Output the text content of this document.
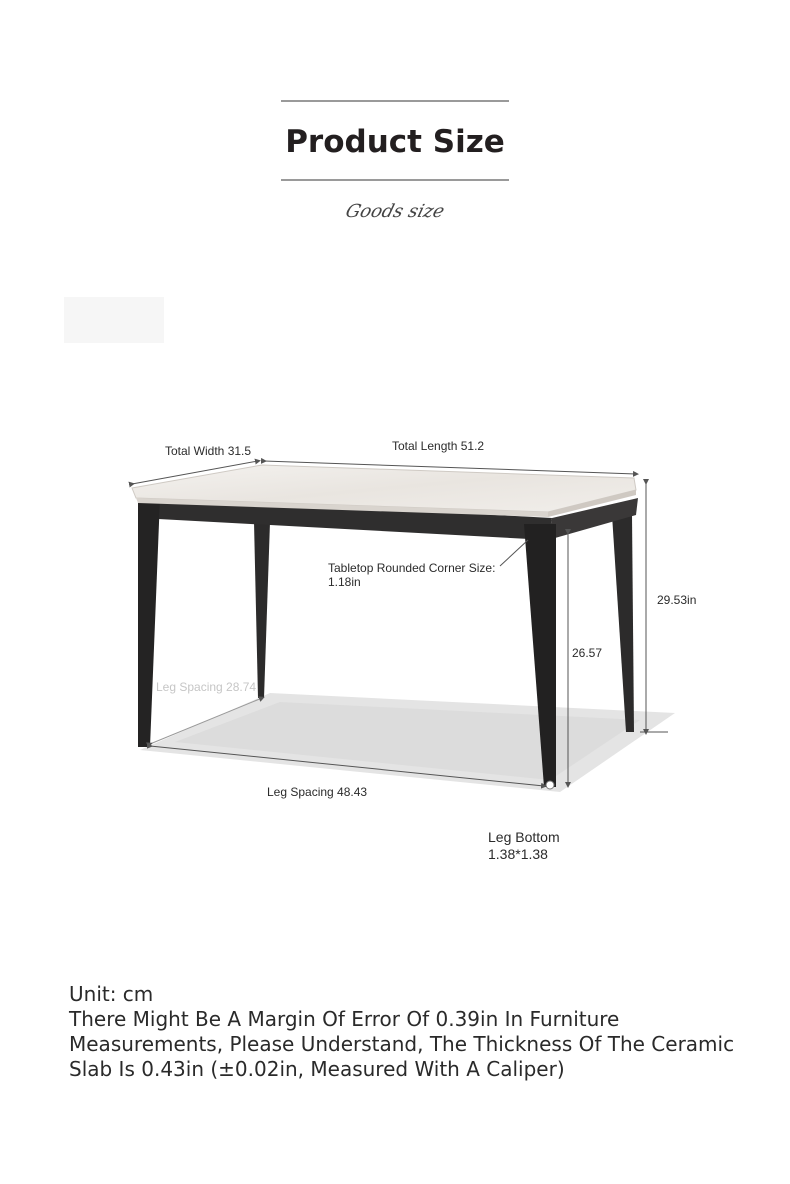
Product Size
Goods size
Total Width 31.5	Total Length 51.2
Tabletop Rounded Corner Size:
1.18in
29.53in
26.57
Leg Spacing 28.74
Leg Spacing 48.43
Leg Bottom
1.38*1.38
Unit: cm
There Might Be A Margin Of Error Of 0.39in In Furniture Measurements, Please Understand, The Thickness Of The Ceramic Slab Is 0.43in (±0.02in, Measured With A Caliper)
